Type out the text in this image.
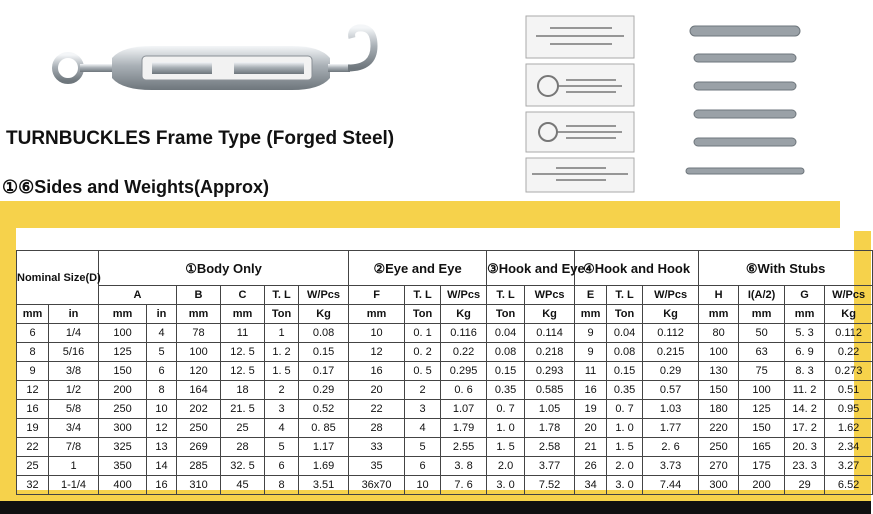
TURNBUCKLES Frame Type (Forged Steel)
①⑥Sides and Weights(Approx)
Nominal Size(D)		①Body Only						②Eye and Eye			③Hook and Eye		④Hook and Hook			⑥With Stubs			
		A		B	C	T. L	W/Pcs	F	T. L	W/Pcs	T. L	WPcs	E	T. L	W/Pcs	H	I(A/2)	G	W/Pcs
mm	in	mm	in	mm	mm	Ton	Kg	mm	Ton	Kg	Ton	Kg	mm	Ton	Kg	mm	mm	mm	Kg
6	1/4	100	4	78	11	1	0.08	10	0. 1	0.116	0.04	0.114	9	0.04	0.112	80	50	5. 3	0.112
8	5/16	125	5	100	12. 5	1. 2	0.15	12	0. 2	0.22	0.08	0.218	9	0.08	0.215	100	63	6. 9	0.22
9	3/8	150	6	120	12. 5	1. 5	0.17	16	0. 5	0.295	0.15	0.293	11	0.15	0.29	130	75	8. 3	0.273
12	1/2	200	8	164	18	2	0.29	20	2	0. 6	0.35	0.585	16	0.35	0.57	150	100	11. 2	0.51
16	5/8	250	10	202	21. 5	3	0.52	22	3	1.07	0. 7	1.05	19	0. 7	1.03	180	125	14. 2	0.95
19	3/4	300	12	250	25	4	0. 85	28	4	1.79	1. 0	1.78	20	1. 0	1.77	220	150	17. 2	1.62
22	7/8	325	13	269	28	5	1.17	33	5	2.55	1. 5	2.58	21	1. 5	2. 6	250	165	20. 3	2.34
25	1	350	14	285	32. 5	6	1.69	35	6	3. 8	2.0	3.77	26	2. 0	3.73	270	175	23. 3	3.27
32	1-1/4	400	16	310	45	8	3.51	36x70	10	7. 6	3. 0	7.52	34	3. 0	7.44	300	200	29	6.52
